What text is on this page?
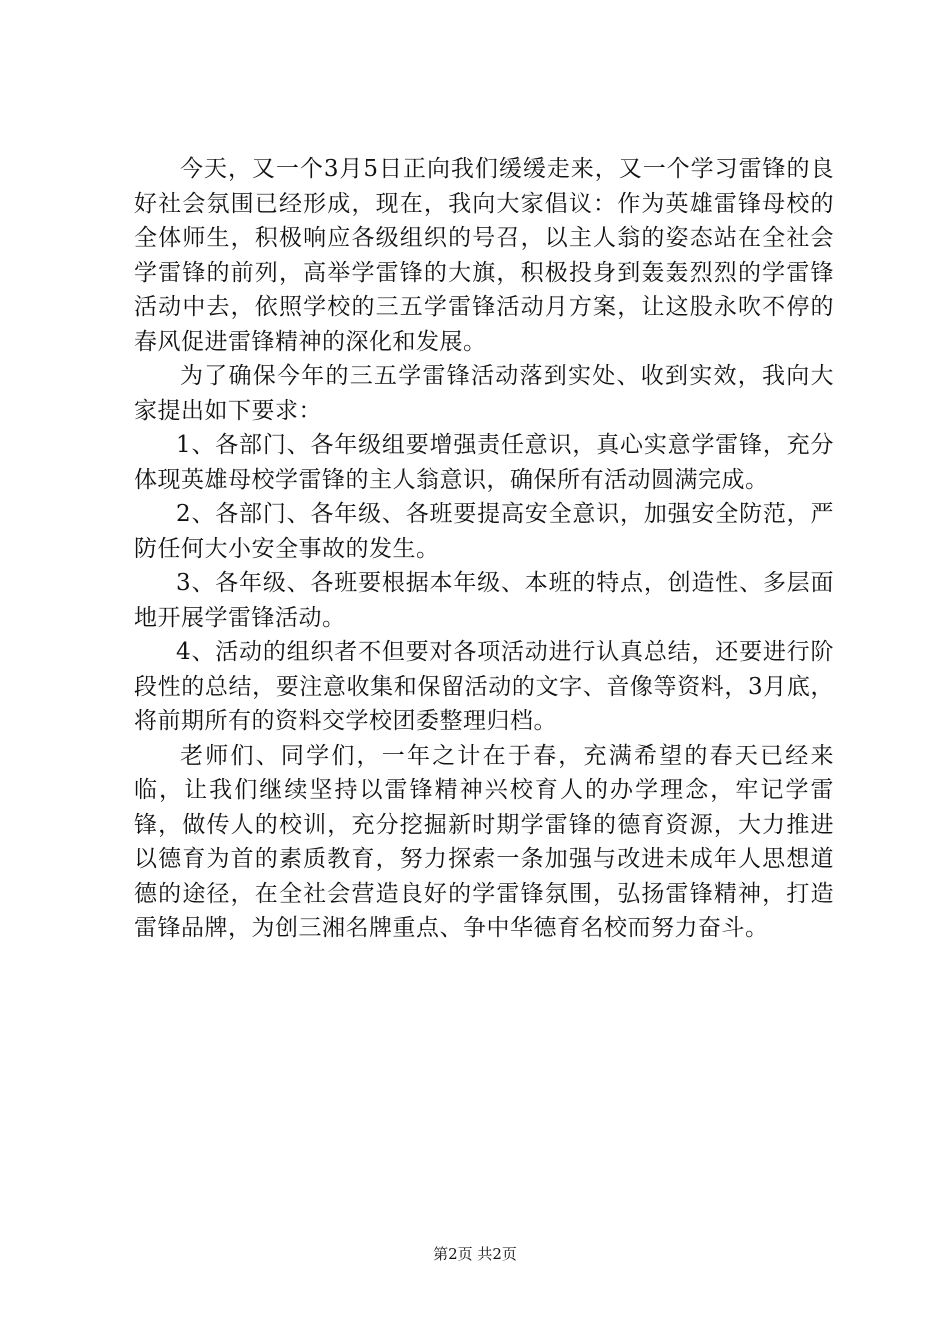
今天，又一个3月5日正向我们缓缓走来，又一个学习雷锋的良好社会氛围已经形成，现在，我向大家倡议：作为英雄雷锋母校的全体师生，积极响应各级组织的号召，以主人翁的姿态站在全社会学雷锋的前列，高举学雷锋的大旗，积极投身到轰轰烈烈的学雷锋活动中去，依照学校的三五学雷锋活动月方案，让这股永吹不停的春风促进雷锋精神的深化和发展。

为了确保今年的三五学雷锋活动落到实处、收到实效，我向大家提出如下要求：

1、各部门、各年级组要增强责任意识，真心实意学雷锋，充分体现英雄母校学雷锋的主人翁意识，确保所有活动圆满完成。

2、各部门、各年级、各班要提高安全意识，加强安全防范，严防任何大小安全事故的发生。

3、各年级、各班要根据本年级、本班的特点，创造性、多层面地开展学雷锋活动。

4、活动的组织者不但要对各项活动进行认真总结，还要进行阶段性的总结，要注意收集和保留活动的文字、音像等资料，3月底，将前期所有的资料交学校团委整理归档。

老师们、同学们，一年之计在于春，充满希望的春天已经来临，让我们继续坚持以雷锋精神兴校育人的办学理念，牢记学雷锋，做传人的校训，充分挖掘新时期学雷锋的德育资源，大力推进以德育为首的素质教育，努力探索一条加强与改进未成年人思想道德的途径，在全社会营造良好的学雷锋氛围，弘扬雷锋精神，打造雷锋品牌，为创三湘名牌重点、争中华德育名校而努力奋斗。

第2页 共2页
